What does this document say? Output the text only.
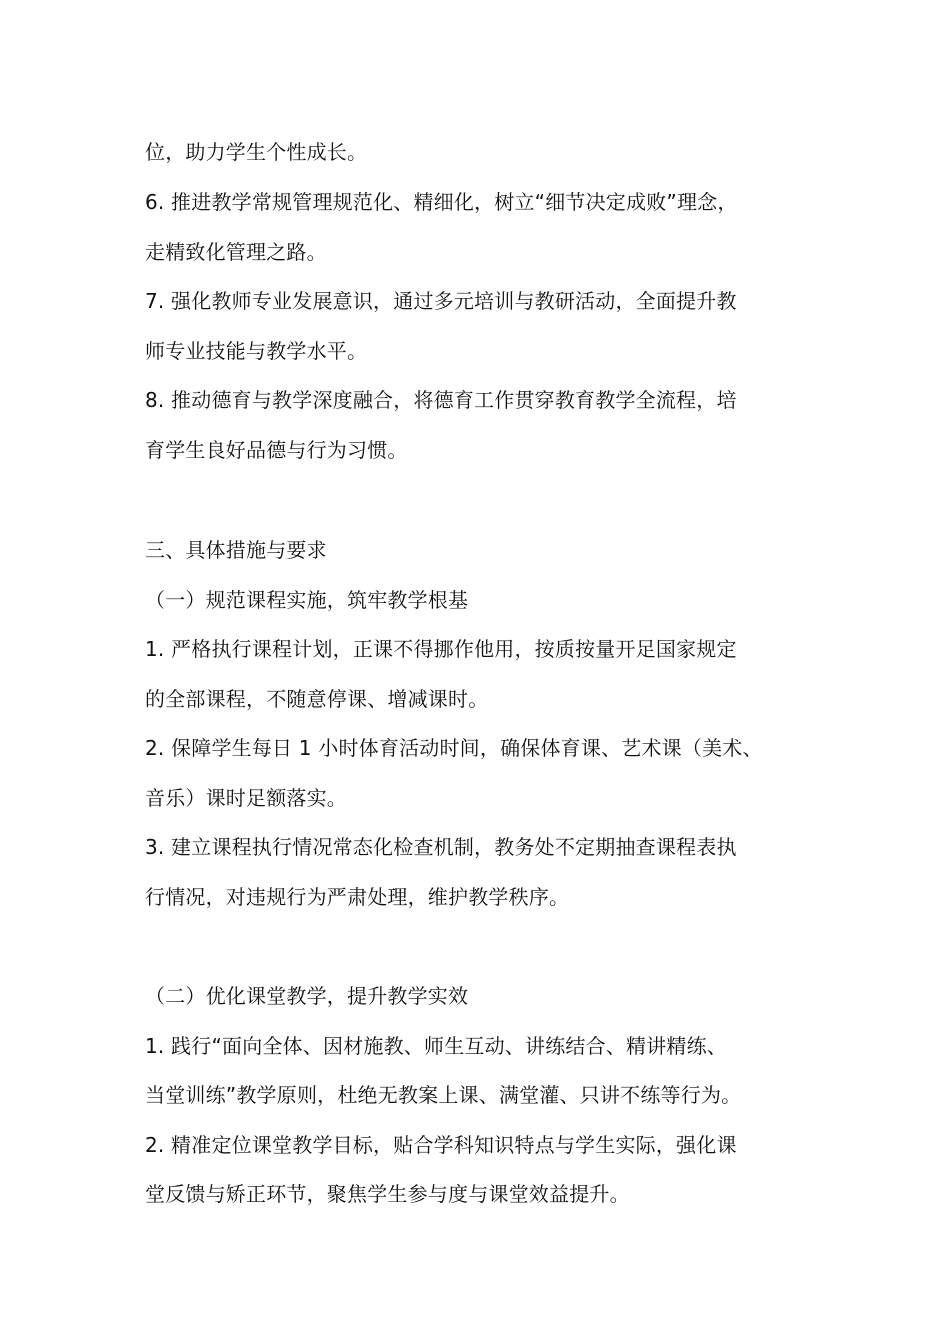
位，助力学生个性成长。
6. 推进教学常规管理规范化、精细化，树立“细节决定成败”理念，
走精致化管理之路。
7. 强化教师专业发展意识，通过多元培训与教研活动，全面提升教
师专业技能与教学水平。
8. 推动德育与教学深度融合，将德育工作贯穿教育教学全流程，培
育学生良好品德与行为习惯。
三、具体措施与要求
（一）规范课程实施，筑牢教学根基
1. 严格执行课程计划，正课不得挪作他用，按质按量开足国家规定
的全部课程，不随意停课、增减课时。
2. 保障学生每日 1 小时体育活动时间，确保体育课、艺术课（美术、
音乐）课时足额落实。
3. 建立课程执行情况常态化检查机制，教务处不定期抽查课程表执
行情况，对违规行为严肃处理，维护教学秩序。
（二）优化课堂教学，提升教学实效
1. 践行“面向全体、因材施教、师生互动、讲练结合、精讲精练、
当堂训练”教学原则，杜绝无教案上课、满堂灌、只讲不练等行为。
2. 精准定位课堂教学目标，贴合学科知识特点与学生实际，强化课
堂反馈与矫正环节，聚焦学生参与度与课堂效益提升。
